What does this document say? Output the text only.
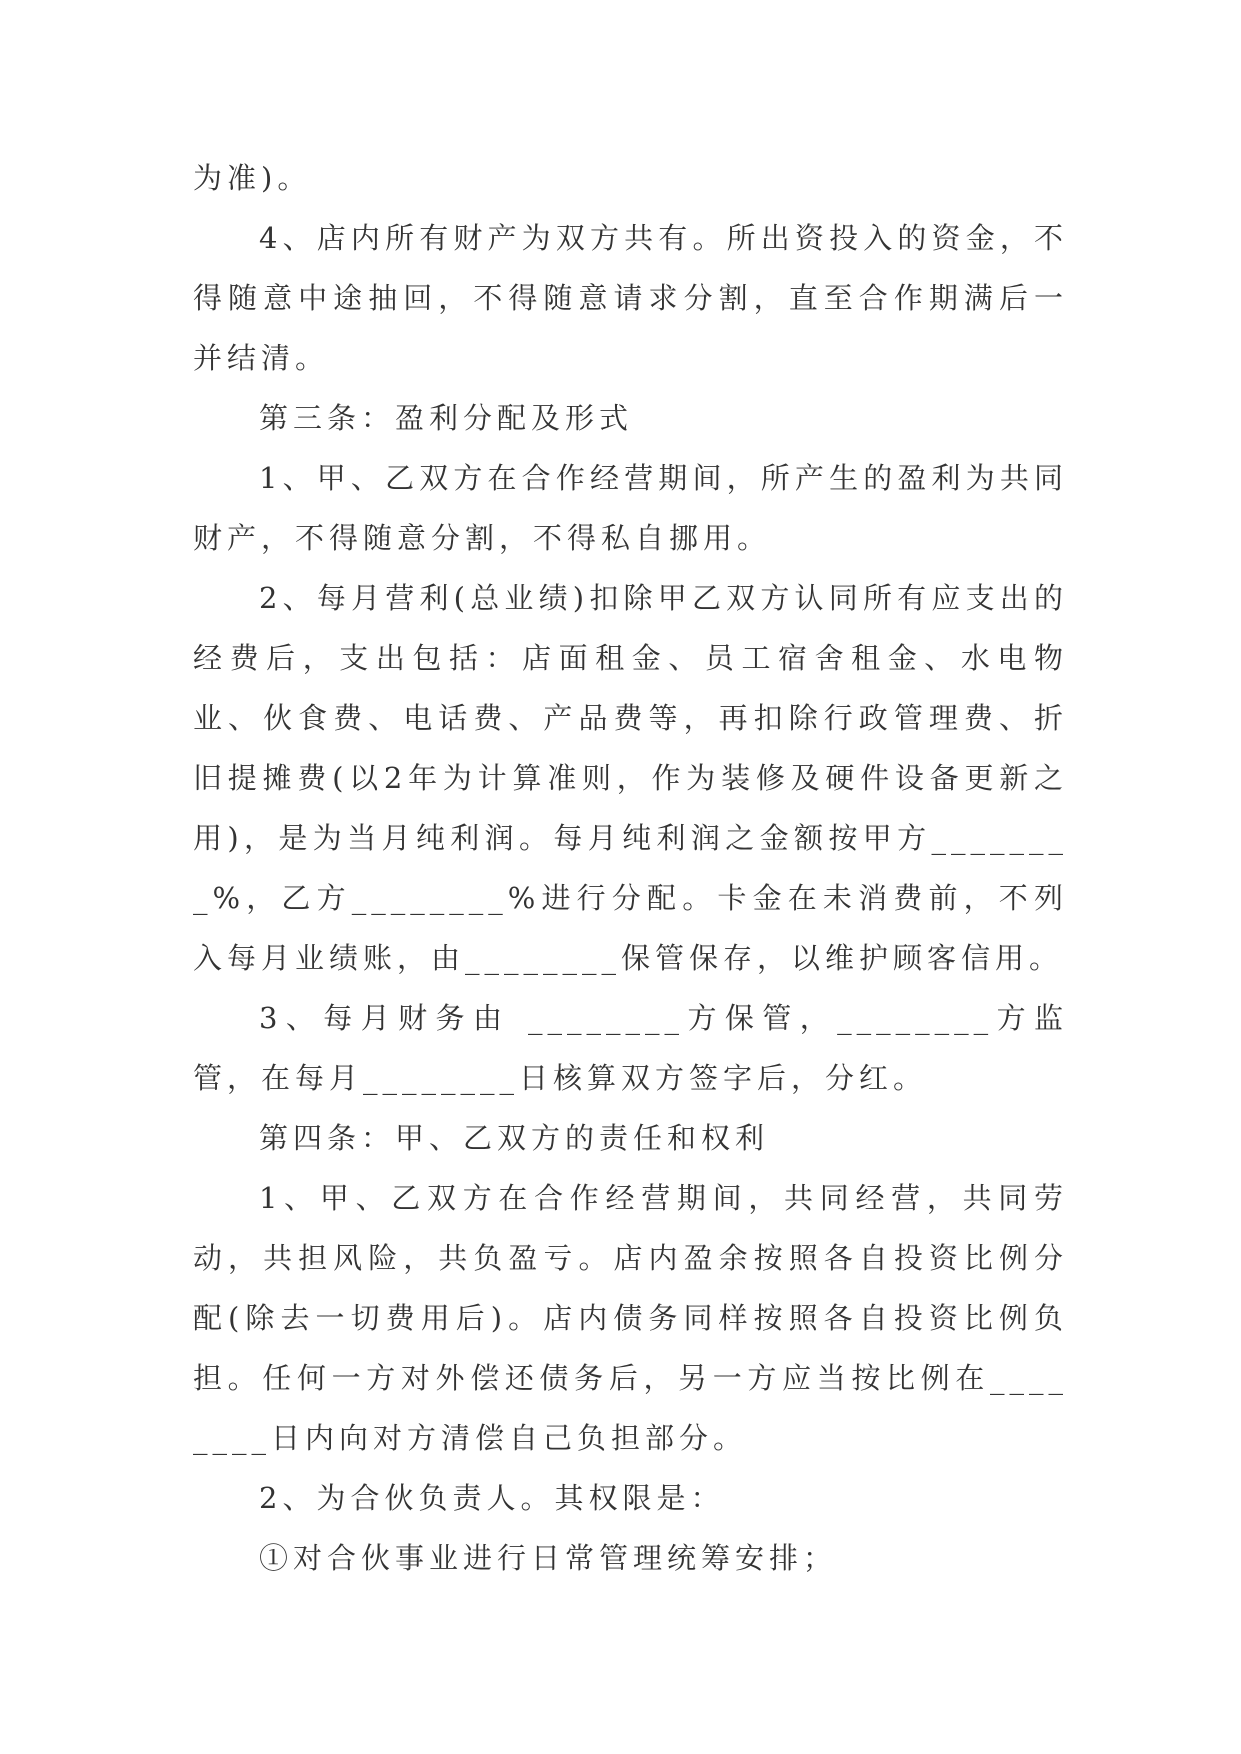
为准)。

4、店内所有财产为双方共有。所出资投入的资金，不得随意中途抽回，不得随意请求分割，直至合作期满后一并结清。

第三条：盈利分配及形式

1、甲、乙双方在合作经营期间，所产生的盈利为共同财产，不得随意分割，不得私自挪用。

2、每月营利(总业绩)扣除甲乙双方认同所有应支出的经费后，支出包括：店面租金、员工宿舍租金、水电物业、伙食费、电话费、产品费等，再扣除行政管理费、折旧提摊费(以2年为计算准则，作为装修及硬件设备更新之用)，是为当月纯利润。每月纯利润之金额按甲方________%，乙方________%进行分配。卡金在未消费前，不列入每月业绩账，由________保管保存，以维护顾客信用。

3、每月财务由 ________方保管，________方监管，在每月________日核算双方签字后，分红。

第四条：甲、乙双方的责任和权利

1、甲、乙双方在合作经营期间，共同经营，共同劳动，共担风险，共负盈亏。店内盈余按照各自投资比例分配(除去一切费用后)。店内债务同样按照各自投资比例负担。任何一方对外偿还债务后，另一方应当按比例在________日内向对方清偿自己负担部分。

2、为合伙负责人。其权限是：

①对合伙事业进行日常管理统筹安排；
